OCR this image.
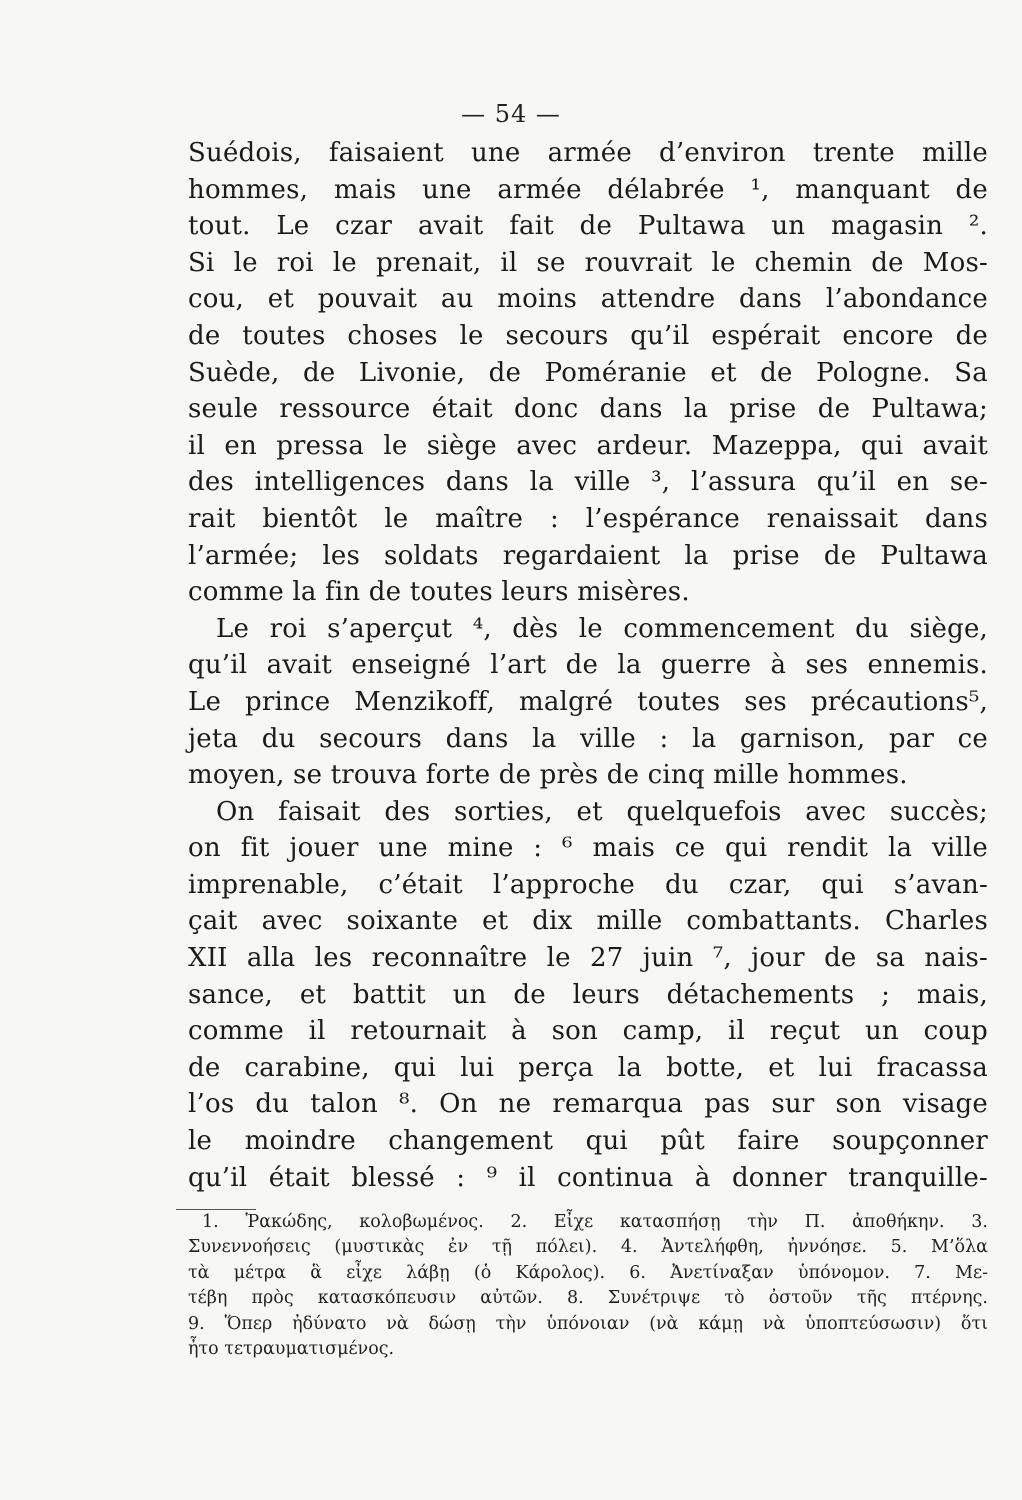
— 54 —
Suédois, faisaient une armée d’environ trente mille
hommes, mais une armée délabrée ¹, manquant de
tout. Le czar avait fait de Pultawa un magasin ².
Si le roi le prenait, il se rouvrait le chemin de Mos-
cou, et pouvait au moins attendre dans l’abondance
de toutes choses le secours qu’il espérait encore de
Suède, de Livonie, de Poméranie et de Pologne. Sa
seule ressource était donc dans la prise de Pultawa;
il en pressa le siège avec ardeur. Mazeppa, qui avait
des intelligences dans la ville ³, l’assura qu’il en se-
rait bientôt le maître : l’espérance renaissait dans
l’armée; les soldats regardaient la prise de Pultawa
comme la fin de toutes leurs misères.
Le roi s’aperçut ⁴, dès le commencement du siège,
qu’il avait enseigné l’art de la guerre à ses ennemis.
Le prince Menzikoff, malgré toutes ses précautions⁵,
jeta du secours dans la ville : la garnison, par ce
moyen, se trouva forte de près de cinq mille hommes.
On faisait des sorties, et quelquefois avec succès;
on fit jouer une mine : ⁶ mais ce qui rendit la ville
imprenable, c’était l’approche du czar, qui s’avan-
çait avec soixante et dix mille combattants. Charles
XII alla les reconnaître le 27 juin ⁷, jour de sa nais-
sance, et battit un de leurs détachements ; mais,
comme il retournait à son camp, il reçut un coup
de carabine, qui lui perça la botte, et lui fracassa
l’os du talon ⁸. On ne remarqua pas sur son visage
le moindre changement qui pût faire soupçonner
qu’il était blessé : ⁹ il continua à donner tranquille-
1. Ῥακώδης, κολοβωμένος. 2. Εἶχε κατασπήσῃ τὴν Π. ἀποθήκην. 3.
Συνεννοήσεις (μυστικὰς ἐν τῇ πόλει). 4. Ἀντελήφθη, ἠννόησε. 5. Μ’ὅλα
τὰ μέτρα ἃ εἶχε λάβῃ (ὁ Κάρολος). 6. Ἀνετίναξαν ὑπόνομον. 7. Με-
τέβη πρὸς κατασκόπευσιν αὐτῶν. 8. Συνέτριψε τὸ ὀστοῦν τῆς πτέρνης.
9. Ὅπερ ἠδύνατο νὰ δώσῃ τὴν ὑπόνοιαν (νὰ κάμῃ νὰ ὑποπτεύσωσιν) ὅτι
ἦτο τετραυματισμένος.
